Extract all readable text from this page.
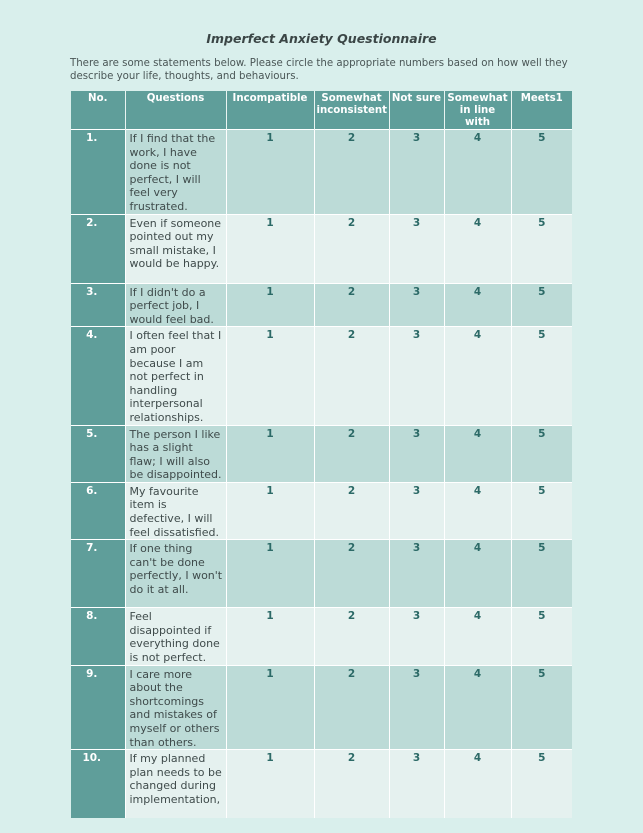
Imperfect Anxiety Questionnaire
There are some statements below. Please circle the appropriate numbers based on how well they describe your life, thoughts, and behaviours.
No.	Questions	Incompatible	Somewhat inconsistent	Not sure	Somewhat in line with	Meets1
1.	If I find that the work, I have done is not perfect, I will feel very frustrated.	1	2	3	4	5
2.	Even if someone pointed out my small mistake, I would be happy.	1	2	3	4	5
3.	If I didn't do a perfect job, I would feel bad.	1	2	3	4	5
4.	I often feel that I am poor because I am not perfect in handling interpersonal relationships.	1	2	3	4	5
5.	The person I like has a slight flaw; I will also be disappointed.	1	2	3	4	5
6.	My favourite item is defective, I will feel dissatisfied.	1	2	3	4	5
7.	If one thing can't be done perfectly, I won't do it at all.	1	2	3	4	5
8.	Feel disappointed if everything done is not perfect.	1	2	3	4	5
9.	I care more about the shortcomings and mistakes of myself or others than others.	1	2	3	4	5
10.	If my planned plan needs to be changed during implementation,	1	2	3	4	5
